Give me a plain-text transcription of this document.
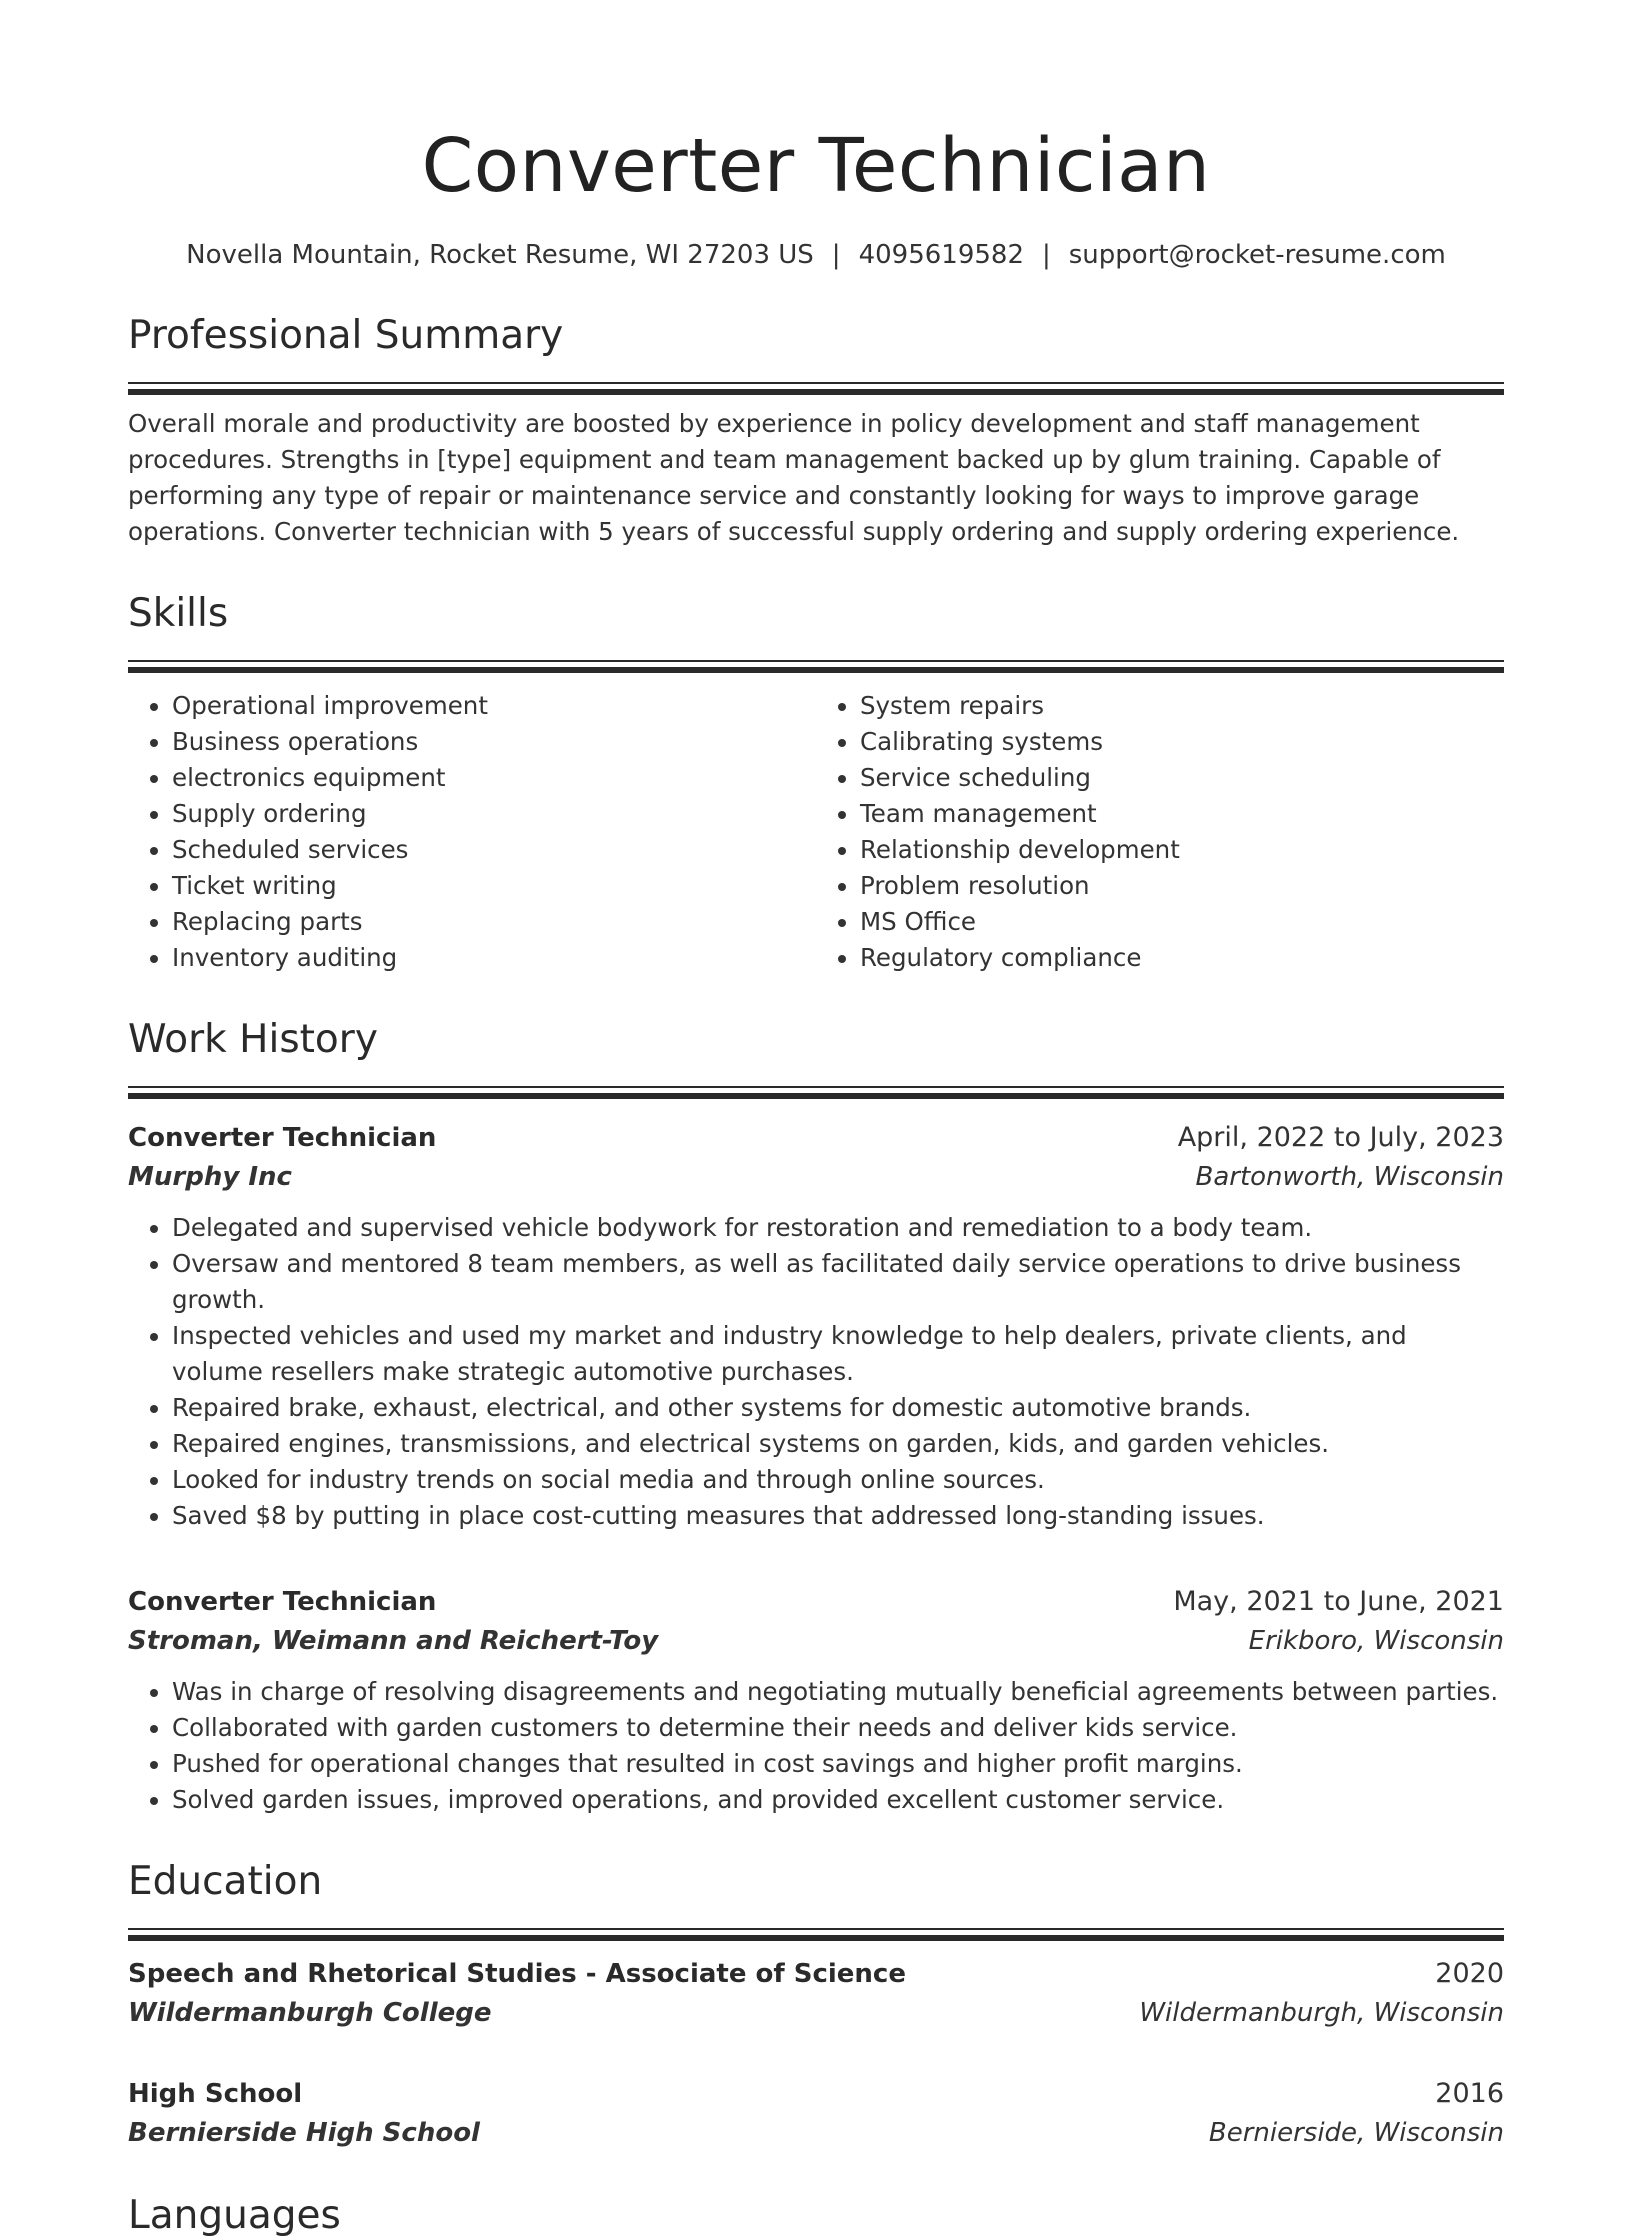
Converter Technician
Novella Mountain, Rocket Resume, WI 27203 US | 4095619582 | support@rocket-resume.com
Professional Summary
Overall morale and productivity are boosted by experience in policy development and staff management procedures. Strengths in [type] equipment and team management backed up by glum training. Capable of performing any type of repair or maintenance service and constantly looking for ways to improve garage operations. Converter technician with 5 years of successful supply ordering and supply ordering experience.
Skills
• Operational improvement
• Business operations
• electronics equipment
• Supply ordering
• Scheduled services
• Ticket writing
• Replacing parts
• Inventory auditing
• System repairs
• Calibrating systems
• Service scheduling
• Team management
• Relationship development
• Problem resolution
• MS Office
• Regulatory compliance
Work History
Converter Technician	April, 2022 to July, 2023
Murphy Inc	Bartonworth, Wisconsin
• Delegated and supervised vehicle bodywork for restoration and remediation to a body team.
• Oversaw and mentored 8 team members, as well as facilitated daily service operations to drive business growth.
• Inspected vehicles and used my market and industry knowledge to help dealers, private clients, and volume resellers make strategic automotive purchases.
• Repaired brake, exhaust, electrical, and other systems for domestic automotive brands.
• Repaired engines, transmissions, and electrical systems on garden, kids, and garden vehicles.
• Looked for industry trends on social media and through online sources.
• Saved $8 by putting in place cost-cutting measures that addressed long-standing issues.
Converter Technician	May, 2021 to June, 2021
Stroman, Weimann and Reichert-Toy	Erikboro, Wisconsin
• Was in charge of resolving disagreements and negotiating mutually beneficial agreements between parties.
• Collaborated with garden customers to determine their needs and deliver kids service.
• Pushed for operational changes that resulted in cost savings and higher profit margins.
• Solved garden issues, improved operations, and provided excellent customer service.
Education
Speech and Rhetorical Studies - Associate of Science	2020
Wildermanburgh College	Wildermanburgh, Wisconsin
High School	2016
Bernierside High School	Bernierside, Wisconsin
Languages
